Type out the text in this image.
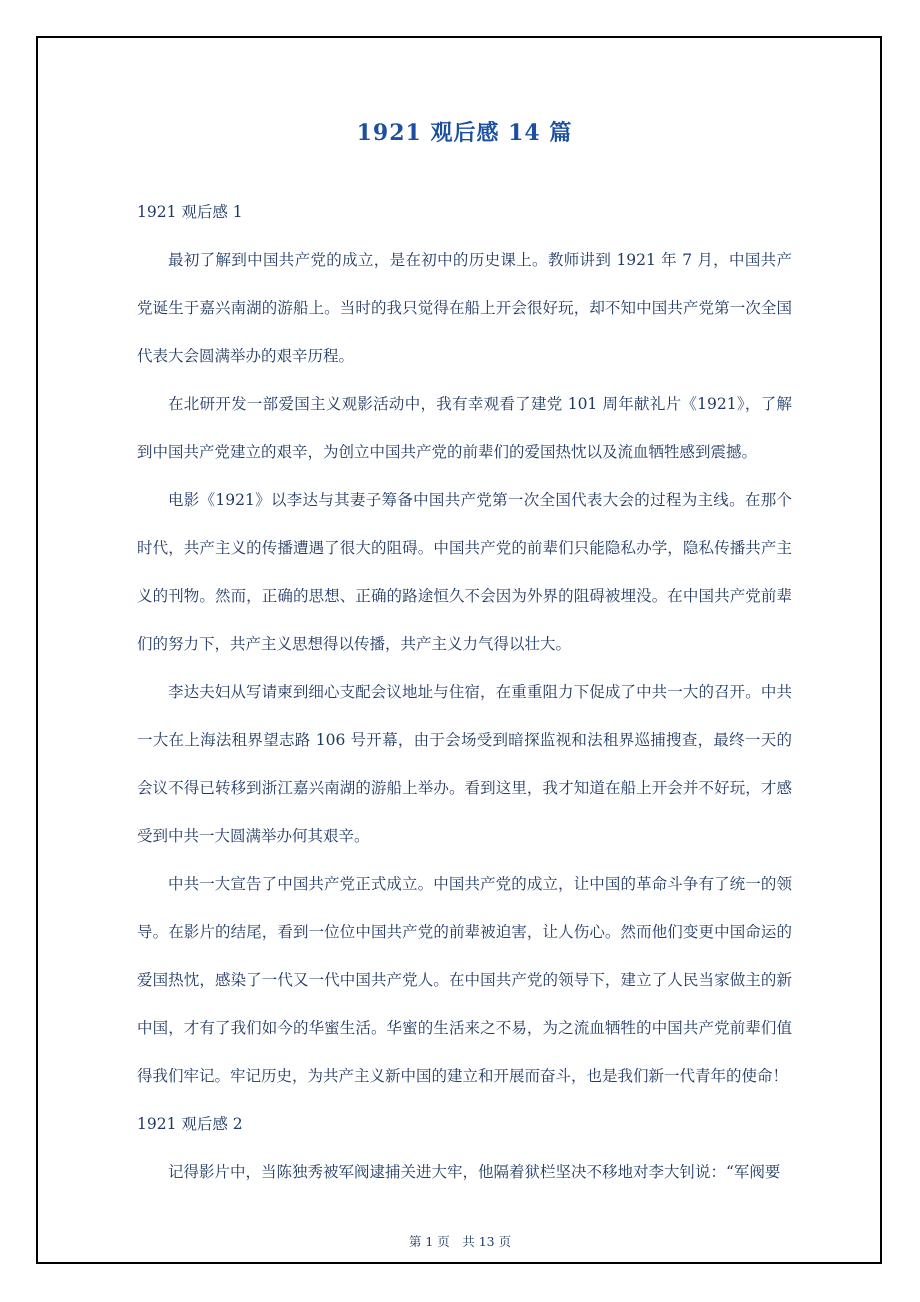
1921 观后感 14 篇

1921 观后感 1

最初了解到中国共产党的成立，是在初中的历史课上。教师讲到 1921 年 7 月，中国共产党诞生于嘉兴南湖的游船上。当时的我只觉得在船上开会很好玩，却不知中国共产党第一次全国代表大会圆满举办的艰辛历程。

在北研开发一部爱国主义观影活动中，我有幸观看了建党 101 周年献礼片《1921》，了解到中国共产党建立的艰辛，为创立中国共产党的前辈们的爱国热忱以及流血牺牲感到震撼。

电影《1921》以李达与其妻子筹备中国共产党第一次全国代表大会的过程为主线。在那个时代，共产主义的传播遭遇了很大的阻碍。中国共产党的前辈们只能隐私办学，隐私传播共产主义的刊物。然而，正确的思想、正确的路途恒久不会因为外界的阻碍被埋没。在中国共产党前辈们的努力下，共产主义思想得以传播，共产主义力气得以壮大。

李达夫妇从写请柬到细心支配会议地址与住宿，在重重阻力下促成了中共一大的召开。中共一大在上海法租界望志路 106 号开幕，由于会场受到暗探监视和法租界巡捕搜查，最终一天的会议不得已转移到浙江嘉兴南湖的游船上举办。看到这里，我才知道在船上开会并不好玩，才感受到中共一大圆满举办何其艰辛。

中共一大宣告了中国共产党正式成立。中国共产党的成立，让中国的革命斗争有了统一的领导。在影片的结尾，看到一位位中国共产党的前辈被迫害，让人伤心。然而他们变更中国命运的爱国热忱，感染了一代又一代中国共产党人。在中国共产党的领导下，建立了人民当家做主的新中国，才有了我们如今的华蜜生活。华蜜的生活来之不易，为之流血牺牲的中国共产党前辈们值得我们牢记。牢记历史，为共产主义新中国的建立和开展而奋斗，也是我们新一代青年的使命！

1921 观后感 2

记得影片中，当陈独秀被军阀逮捕关进大牢，他隔着狱栏坚决不移地对李大钊说：“军阀要

第 1 页　共 13 页
